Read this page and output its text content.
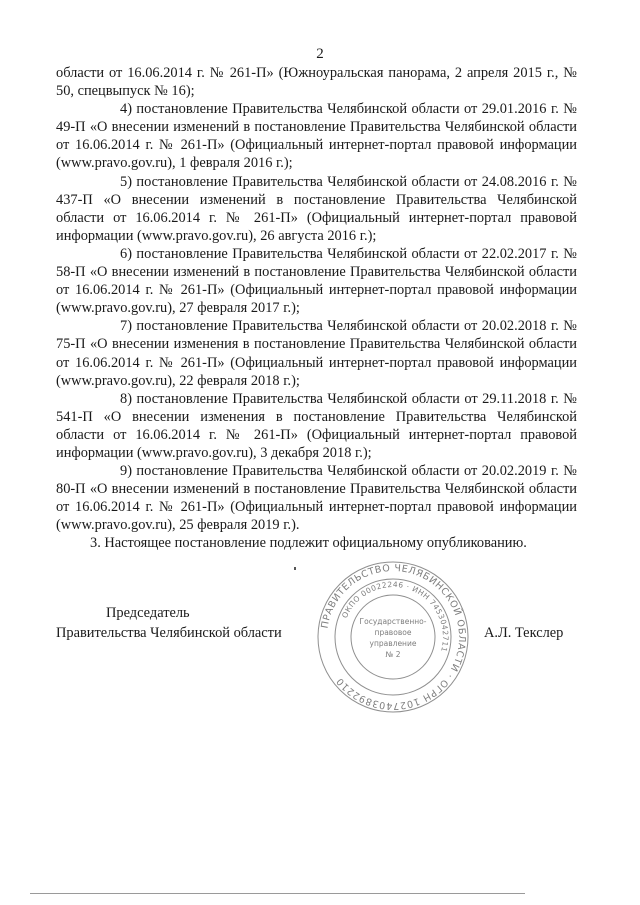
2

области от 16.06.2014 г. № 261-П» (Южноуральская панорама, 2 апреля 2015 г., № 50, спецвыпуск № 16);

4) постановление Правительства Челябинской области от 29.01.2016 г. № 49-П «О внесении изменений в постановление Правительства Челябинской области от 16.06.2014 г. № 261-П» (Официальный интернет-портал правовой информации (www.pravo.gov.ru), 1 февраля 2016 г.);

5) постановление Правительства Челябинской области от 24.08.2016 г. № 437-П «О внесении изменений в постановление Правительства Челябинской области от 16.06.2014 г. № 261-П» (Официальный интернет-портал правовой информации (www.pravo.gov.ru), 26 августа 2016 г.);

6) постановление Правительства Челябинской области от 22.02.2017 г. № 58-П «О внесении изменений в постановление Правительства Челябинской области от 16.06.2014 г. № 261-П» (Официальный интернет-портал правовой информации (www.pravo.gov.ru), 27 февраля 2017 г.);

7) постановление Правительства Челябинской области от 20.02.2018 г. № 75-П «О внесении изменения в постановление Правительства Челябинской области от 16.06.2014 г. № 261-П» (Официальный интернет-портал правовой информации (www.pravo.gov.ru), 22 февраля 2018 г.);

8) постановление Правительства Челябинской области от 29.11.2018 г. № 541-П «О внесении изменения в постановление Правительства Челябинской области от 16.06.2014 г. № 261-П» (Официальный интернет-портал правовой информации (www.pravo.gov.ru), 3 декабря 2018 г.);

9) постановление Правительства Челябинской области от 20.02.2019 г. № 80-П «О внесении изменений в постановление Правительства Челябинской области от 16.06.2014 г. № 261-П» (Официальный интернет-портал правовой информации (www.pravo.gov.ru), 25 февраля 2019 г.).

3. Настоящее постановление подлежит официальному опубликованию.

ПРАВИТЕЛЬСТВО ЧЕЛЯБИНСКОЙ ОБЛАСТИ · ОГРН 1027403892210
ОКПО 00022246 · ИНН 7453042711
Государственно-
правовое
управление
№ 2
Председатель
Правительства Челябинской области	А.Л. Текслер
